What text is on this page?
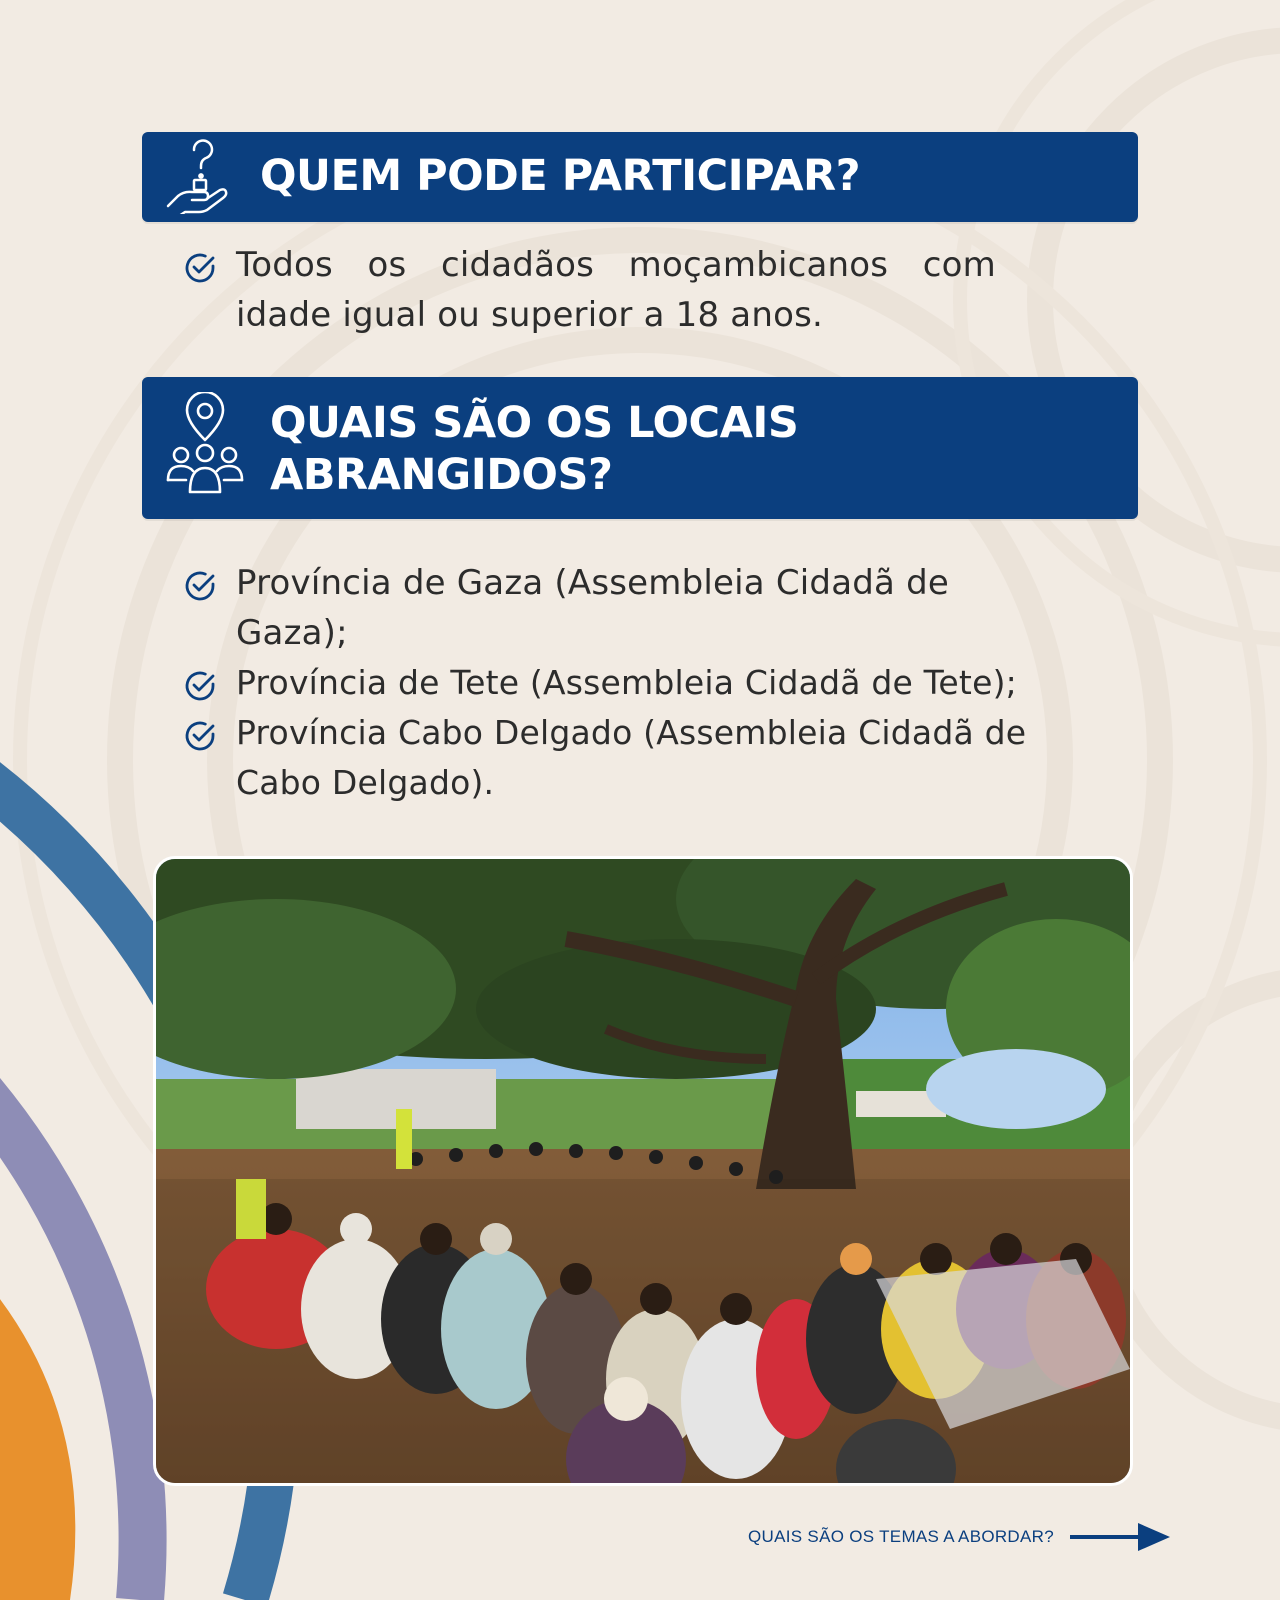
QUEM PODE PARTICIPAR?
Todos os cidadãos moçambicanos com idade igual ou superior a 18 anos.
QUAIS SÃO OS LOCAIS
ABRANGIDOS?
Província de Gaza (Assembleia Cidadã de Gaza);
Província de Tete (Assembleia Cidadã de Tete);
Província Cabo Delgado (Assembleia Cidadã de Cabo Delgado).
QUAIS SÃO OS TEMAS A ABORDAR?
